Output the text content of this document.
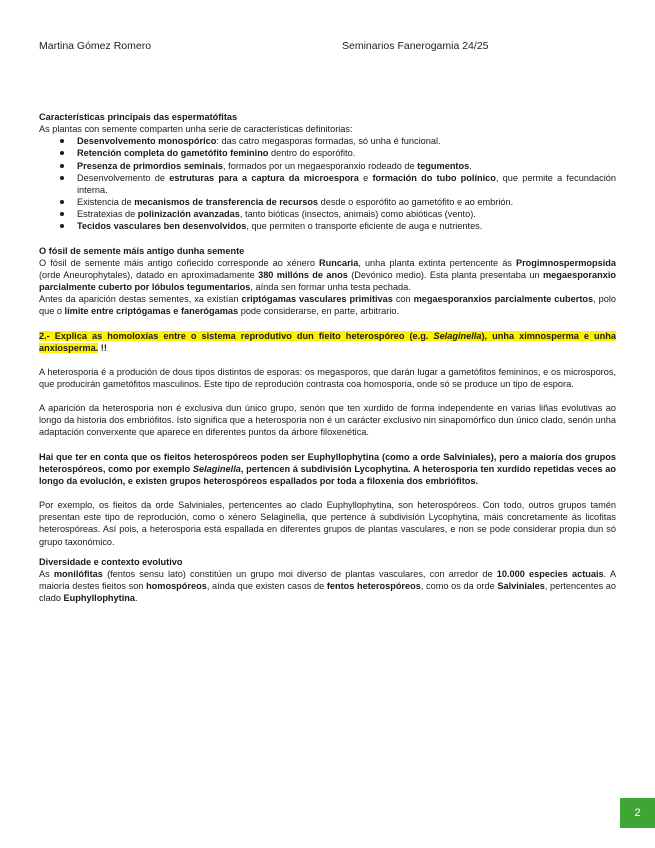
Martina Gómez Romero	Seminarios Fanerogamia 24/25

Características principais das espermatófitas

As plantas con semente comparten unha serie de características definitorias:

Desenvolvemento monospórico: das catro megasporas formadas, só unha é funcional.
Retención completa do gametófito feminino dentro do esporófito.
Presenza de primordios seminais, formados por un megaesporanxio rodeado de tegumentos.
Desenvolvemento de estruturas para a captura da microespora e formación do tubo polínico, que permite a fecundación interna.
Existencia de mecanismos de transferencia de recursos desde o esporófito ao gametófito e ao embrión.
Estratexias de polinización avanzadas, tanto bióticas (insectos, animais) como abióticas (vento).
Tecidos vasculares ben desenvolvidos, que permiten o transporte eficiente de auga e nutrientes.

O fósil de semente máis antigo dunha semente

O fósil de semente máis antigo coñecido corresponde ao xénero Runcaria, unha planta extinta pertencente ás Progimnospermopsida (orde Aneurophytales), datado en aproximadamente 380 millóns de anos (Devónico medio). Esta planta presentaba un megaesporanxio parcialmente cuberto por lóbulos tegumentarios, aínda sen formar unha testa pechada.

Antes da aparición destas sementes, xa existían criptógamas vasculares primitivas con megaesporanxios parcialmente cubertos, polo que o límite entre criptógamas e fanerógamas pode considerarse, en parte, arbitrario.

2.- Explica as homoloxías entre o sistema reprodutivo dun fieito heterospóreo (e.g. Selaginella), unha ximnosperma e unha anxiosperma. !!

A heterosporia é a produción de dous tipos distintos de esporas: os megasporos, que darán lugar a gametófitos femininos, e os microsporos, que producirán gametófitos masculinos. Este tipo de reprodución contrasta coa homosporia, onde só se produce un tipo de espora.

A aparición da heterosporia non é exclusiva dun único grupo, senón que ten xurdido de forma independente en varias liñas evolutivas ao longo da historia dos embriófitos. Isto significa que a heterosporia non é un carácter exclusivo nin sinapomórfico dun único clado, senón unha adaptación converxente que aparece en diferentes puntos da árbore filoxenética.

Hai que ter en conta que os fieitos heterospóreos poden ser Euphyllophytina (como a orde Salviniales), pero a maioría dos grupos heterospóreos, como por exemplo Selaginella, pertencen á subdivisión Lycophytina. A heterosporia ten xurdido repetidas veces ao longo da evolución, e existen grupos heterospóreos espallados por toda a filoxenia dos embriófitos.

Por exemplo, os fieitos da orde Salviniales, pertencentes ao clado Euphyllophytina, son heterospóreos. Con todo, outros grupos tamén presentan este tipo de reprodución, como o xénero Selaginella, que pertence á subdivisión Lycophytina, máis concretamente ás licofitas heterospóreas. Así pois, a heterosporia está espallada en diferentes grupos de plantas vasculares, e non se pode considerar propia dun só grupo taxonómico.

Diversidade e contexto evolutivo

As monilófitas (fentos sensu lato) constitúen un grupo moi diverso de plantas vasculares, con arredor de 10.000 especies actuais. A maioría destes fieitos son homospóreos, aínda que existen casos de fentos heterospóreos, como os da orde Salviniales, pertencentes ao clado Euphyllophytina.

2
